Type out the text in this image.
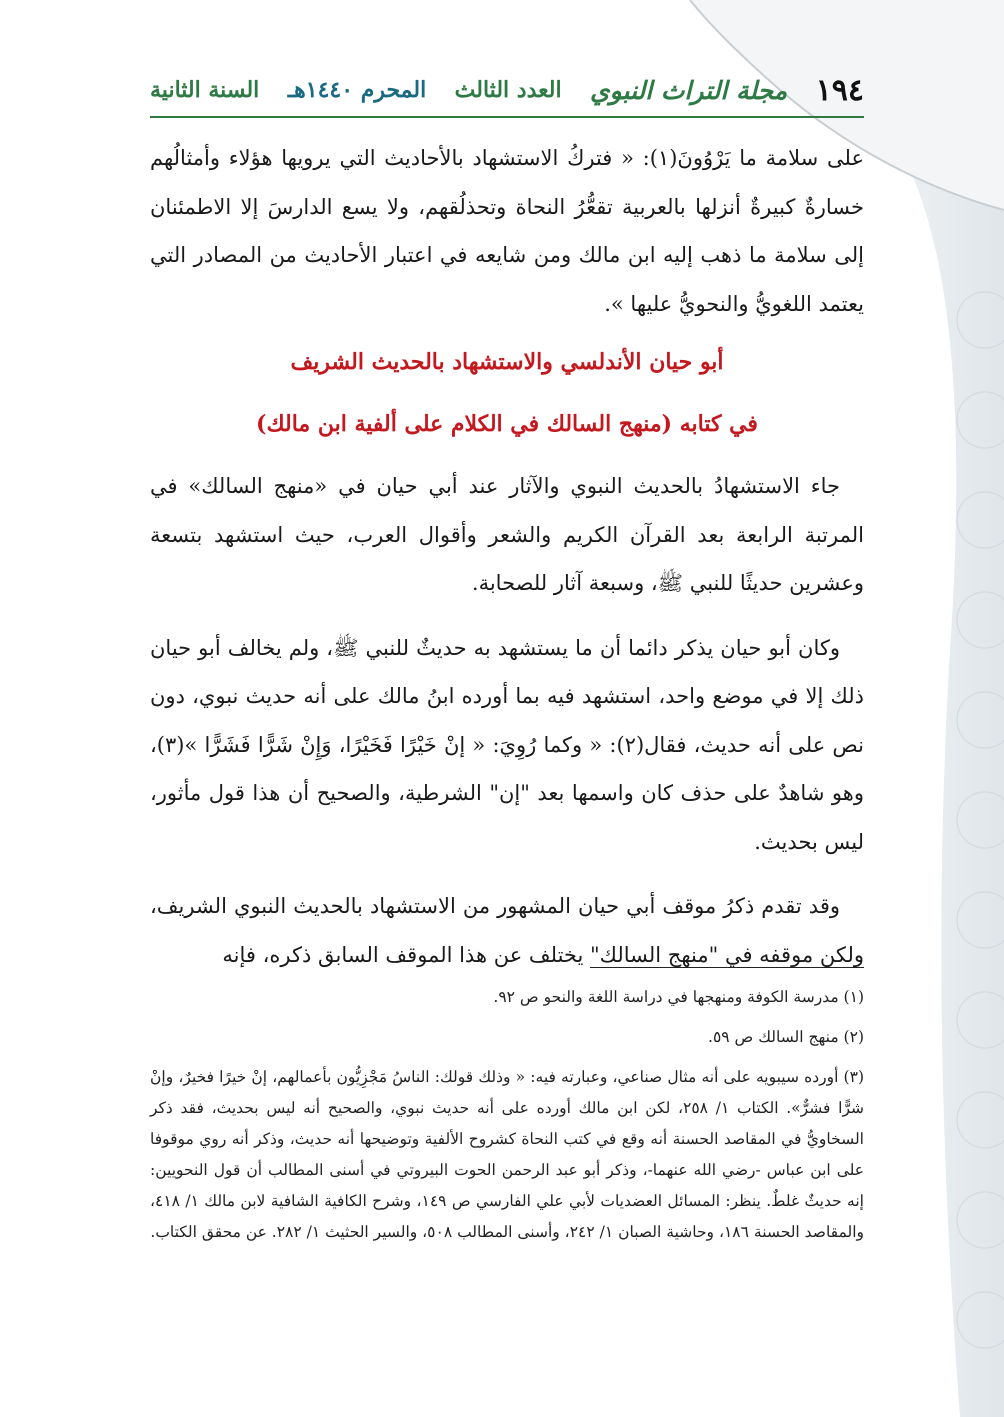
١٩٤
مجلة التراث النبوي
العدد الثالث
المحرم ١٤٤٠هـ
السنة الثانية

على سلامة ما يَرْوُونَ(١): « فتركُ الاستشهاد بالأحاديث التي يرويها هؤلاء وأمثالُهم خسارةٌ كبيرةٌ أنزلها بالعربية تقعُّرُ النحاة وتحذلُقهم، ولا يسع الدارسَ إلا الاطمئنان إلى سلامة ما ذهب إليه ابن مالك ومن شايعه في اعتبار الأحاديث من المصادر التي يعتمد اللغويُّ والنحويُّ عليها ».

أبو حيان الأندلسي والاستشهاد بالحديث الشريف
في كتابه (منهج السالك في الكلام على ألفية ابن مالك)

جاء الاستشهادُ بالحديث النبوي والآثار عند أبي حيان في «منهج السالك» في المرتبة الرابعة بعد القرآن الكريم والشعر وأقوال العرب، حيث استشهد بتسعة وعشرين حديثًا للنبي ﷺ، وسبعة آثار للصحابة.

وكان أبو حيان يذكر دائما أن ما يستشهد به حديثٌ للنبي ﷺ، ولم يخالف أبو حيان ذلك إلا في موضع واحد، استشهد فيه بما أورده ابنُ مالك على أنه حديث نبوي، دون نص على أنه حديث، فقال(٢): « وكما رُوِيَ: « إنْ خَيْرًا فَخَيْرًا، وَإِنْ شَرًّا فَشَرًّا »(٣)، وهو شاهدٌ على حذف كان واسمها بعد "إن" الشرطية، والصحيح أن هذا قول مأثور، ليس بحديث.

وقد تقدم ذكرُ موقف أبي حيان المشهور من الاستشهاد بالحديث النبوي الشريف، ولكن موقفه في "منهج السالك" يختلف عن هذا الموقف السابق ذكره، فإنه

(١) مدرسة الكوفة ومنهجها في دراسة اللغة والنحو ص ٩٢.

(٢) منهج السالك ص ٥٩.

(٣) أورده سيبويه على أنه مثال صناعي، وعبارته فيه: « وذلك قولك: الناسُ مَجْزِيُّون بأعمالهم، إنْ خيرًا فخيرٌ، وإنْ شرًّا فشرٌّ». الكتاب ١/ ٢٥٨، لكن ابن مالك أورده على أنه حديث نبوي، والصحيح أنه ليس بحديث، فقد ذكر السخاويُّ في المقاصد الحسنة أنه وقع في كتب النحاة كشروح الألفية وتوضيحها أنه حديث، وذكر أنه روي موقوفا على ابن عباس -رضي الله عنهما-، وذكر أبو عبد الرحمن الحوت البيروتي في أسنى المطالب أن قول النحويين: إنه حديثٌ غلطٌ. ينظر: المسائل العضديات لأبي علي الفارسي ص ١٤٩، وشرح الكافية الشافية لابن مالك ١/ ٤١٨، والمقاصد الحسنة ١٨٦، وحاشية الصبان ١/ ٢٤٢، وأسنى المطالب ٥٠٨، والسير الحثيث ١/ ٢٨٢. عن محقق الكتاب.
